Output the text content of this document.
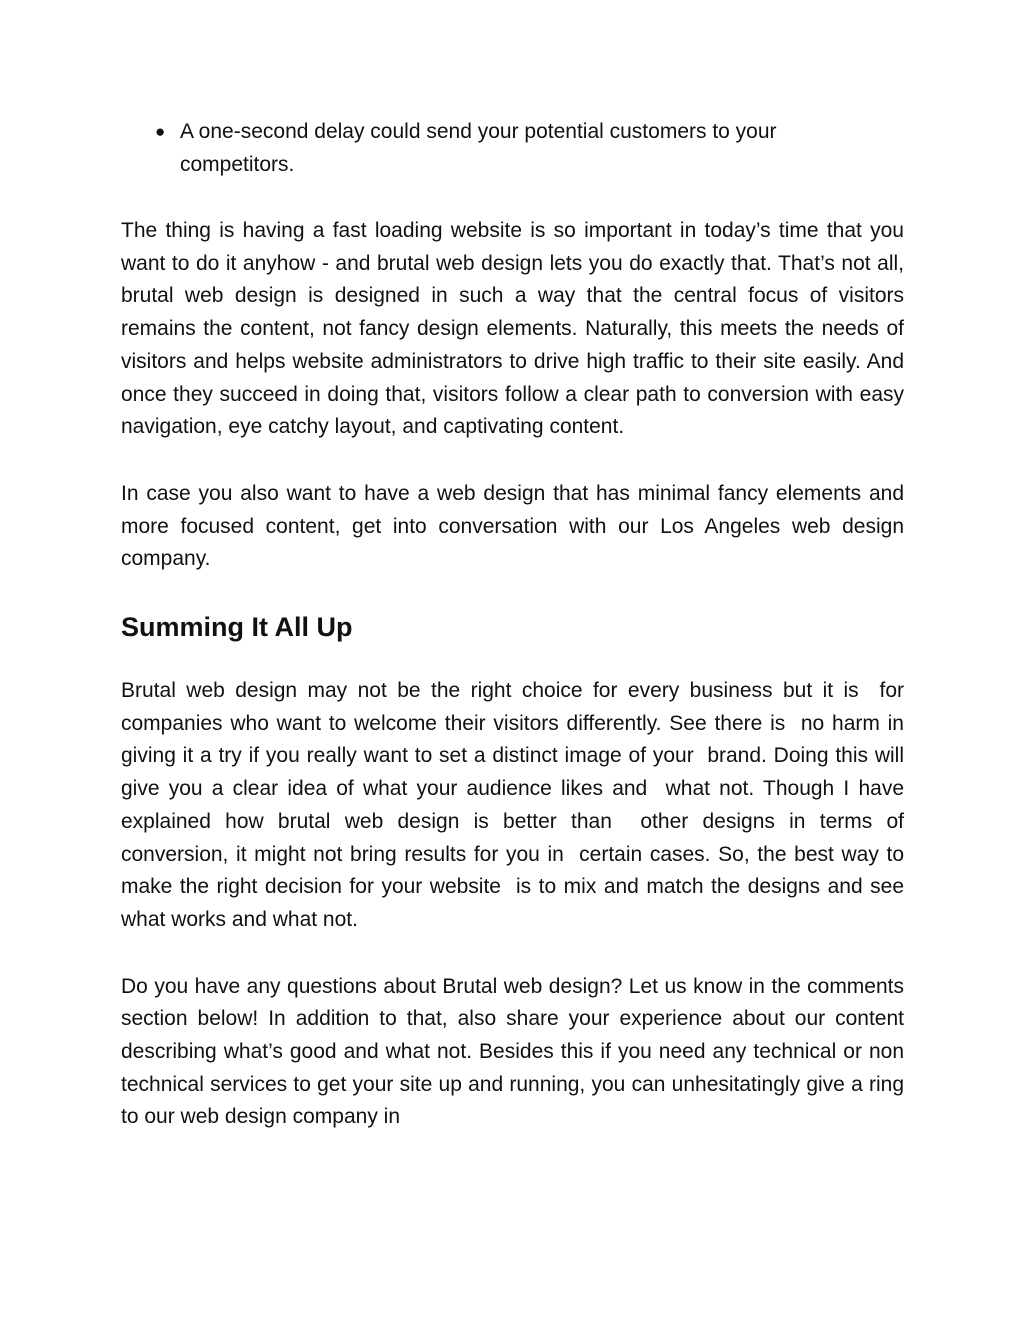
● A one-second delay could send your potential customers to your competitors.

The thing is having a fast loading website is so important in today’s time that you want to do it anyhow - and brutal web design lets you do exactly that. That’s not all, brutal web design is designed in such a way that the central focus of visitors remains the content, not fancy design elements. Naturally, this meets the needs of visitors and helps website administrators to drive high traffic to their site easily. And once they succeed in doing that, visitors follow a clear path to conversion with easy navigation, eye catchy layout, and captivating content.

In case you also want to have a web design that has minimal fancy elements and more focused content, get into conversation with our Los Angeles web design company.

Summing It All Up

Brutal web design may not be the right choice for every business but it is  for companies who want to welcome their visitors differently. See there is  no harm in giving it a try if you really want to set a distinct image of your  brand. Doing this will give you a clear idea of what your audience likes and  what not. Though I have explained how brutal web design is better than  other designs in terms of conversion, it might not bring results for you in  certain cases. So, the best way to make the right decision for your website  is to mix and match the designs and see what works and what not.

Do you have any questions about Brutal web design? Let us know in the comments section below! In addition to that, also share your experience about our content describing what’s good and what not. Besides this if you need any technical or non technical services to get your site up and running, you can unhesitatingly give a ring to our web design company in
